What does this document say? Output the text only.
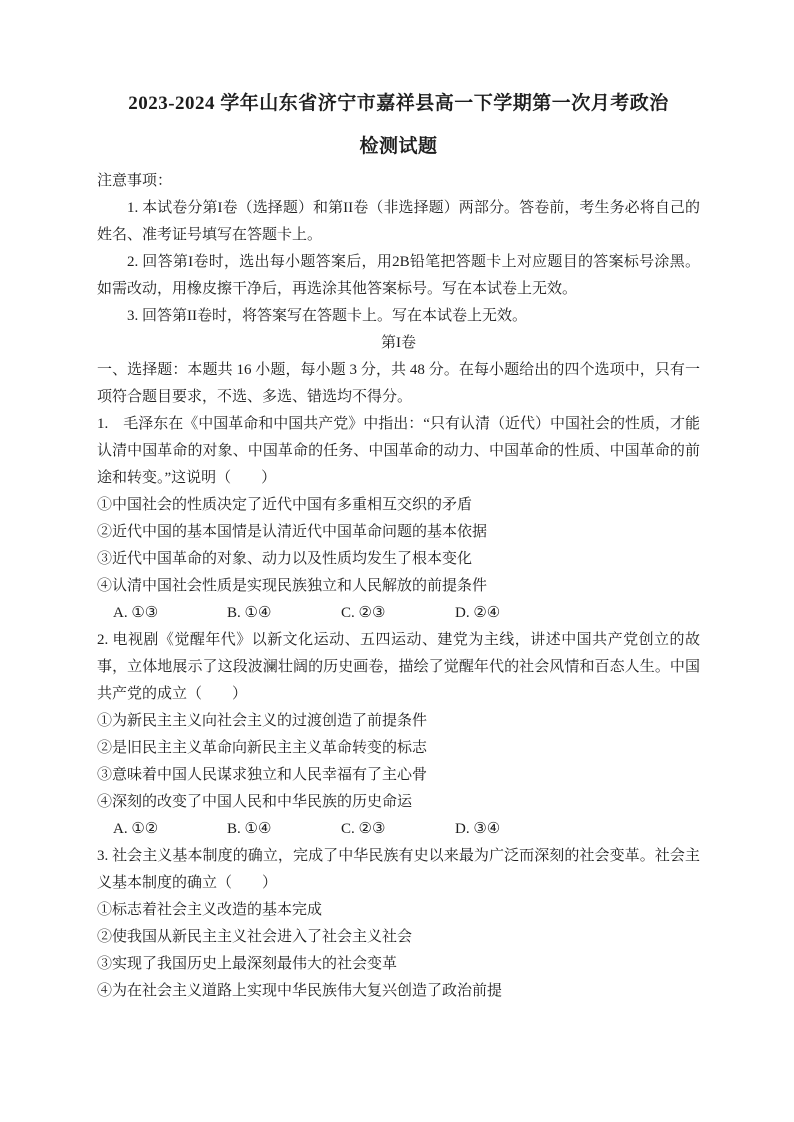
2023-2024 学年山东省济宁市嘉祥县高一下学期第一次月考政治
检测试题

注意事项：

1. 本试卷分第I卷（选择题）和第II卷（非选择题）两部分。答卷前，考生务必将自己的姓名、准考证号填写在答题卡上。

2. 回答第I卷时，选出每小题答案后，用2B铅笔把答题卡上对应题目的答案标号涂黑。如需改动，用橡皮擦干净后，再选涂其他答案标号。写在本试卷上无效。

3. 回答第II卷时，将答案写在答题卡上。写在本试卷上无效。

第I卷

一、选择题：本题共 16 小题，每小题 3 分，共 48 分。在每小题给出的四个选项中，只有一项符合题目要求，不选、多选、错选均不得分。

1.　毛泽东在《中国革命和中国共产党》中指出：“只有认清（近代）中国社会的性质，才能认清中国革命的对象、中国革命的任务、中国革命的动力、中国革命的性质、中国革命的前途和转变。”这说明（　　）

①中国社会的性质决定了近代中国有多重相互交织的矛盾

②近代中国的基本国情是认清近代中国革命问题的基本依据

③近代中国革命的对象、动力以及性质均发生了根本变化

④认清中国社会性质是实现民族独立和人民解放的前提条件

A. ①③	B. ①④	C. ②③	D. ②④

2. 电视剧《觉醒年代》以新文化运动、五四运动、建党为主线，讲述中国共产党创立的故事，立体地展示了这段波澜壮阔的历史画卷，描绘了觉醒年代的社会风情和百态人生。中国共产党的成立（　　）

①为新民主主义向社会主义的过渡创造了前提条件

②是旧民主主义革命向新民主主义革命转变的标志

③意味着中国人民谋求独立和人民幸福有了主心骨

④深刻的改变了中国人民和中华民族的历史命运

A. ①②	B. ①④	C. ②③	D. ③④

3. 社会主义基本制度的确立，完成了中华民族有史以来最为广泛而深刻的社会变革。社会主义基本制度的确立（　　）

①标志着社会主义改造的基本完成

②使我国从新民主主义社会进入了社会主义社会

③实现了我国历史上最深刻最伟大的社会变革

④为在社会主义道路上实现中华民族伟大复兴创造了政治前提
